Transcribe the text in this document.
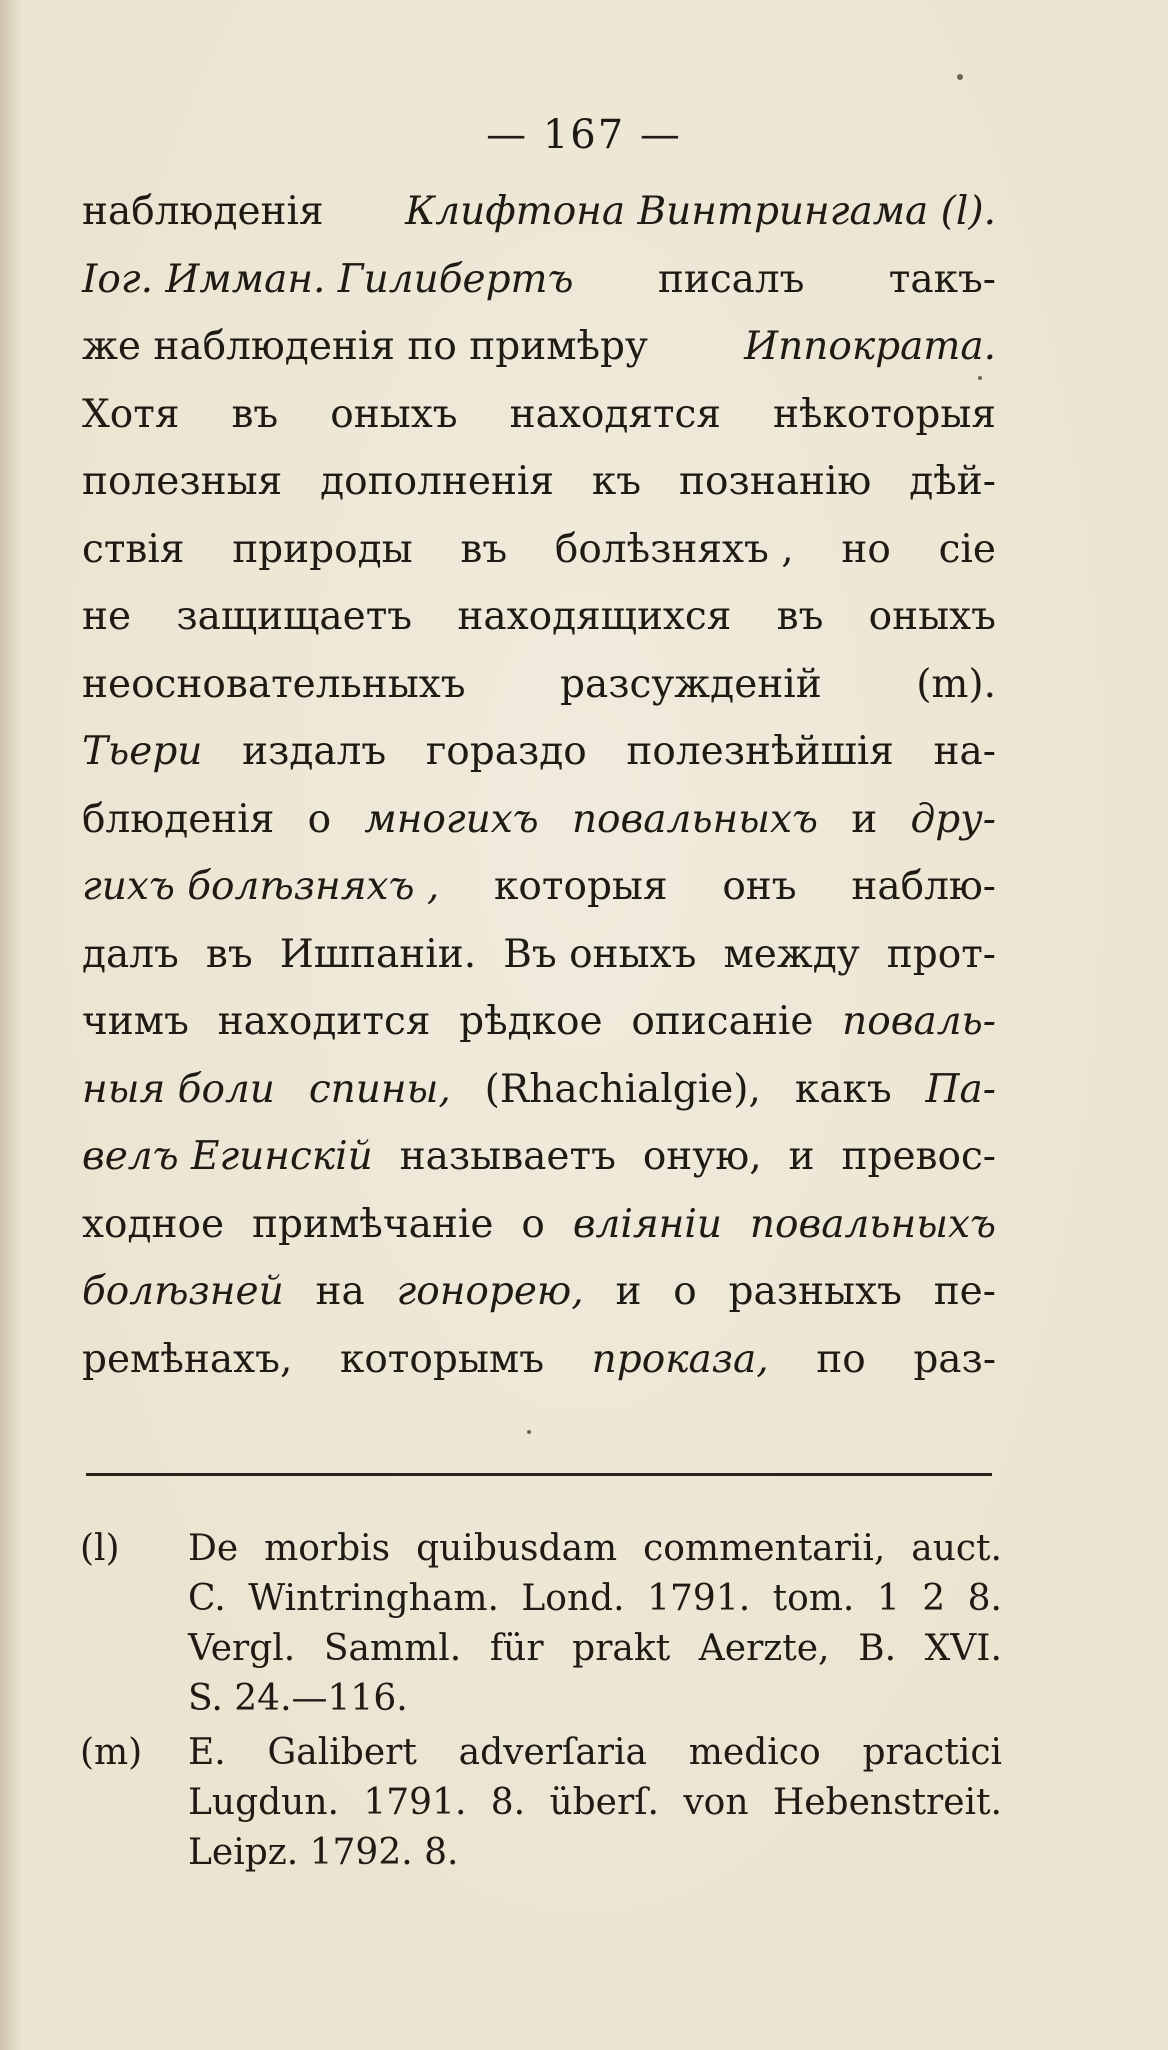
— 167 —
наблюденія Клифтона Винтрингама (l).
Іог. Имман. Гилибертъ писалъ такъ-
же наблюденія по примѣру Иппократа.
Хотя въ оныхъ находятся нѣкоторыя
полезныя дополненія къ познанію дѣй-
ствія природы въ болѣзняхъ , но сіе
не защищаетъ находящихся въ оныхъ
неосновательныхъ разсужденій (m).
Тьери издалъ гораздо полезнѣйшія на-
блюденія о многихъ повальныхъ и дру-
гихъ болѣзняхъ , которыя онъ наблю-
далъ въ Ишпаніи. Въ оныхъ между прот-
чимъ находится рѣдкое описаніе поваль-
ныя боли спины, (Rhachialgie), какъ Па-
велъ Егинскій называетъ оную, и превос-
ходное примѣчаніе о вліяніи повальныхъ
болѣзней на гонорею, и о разныхъ пе-
ремѣнахъ, которымъ проказа, по раз-
(l) De morbis quibusdam commentarii, auct.
C. Wintringham. Lond. 1791. tom. 1 2 8.
Vergl. Samml. für prakt Aerzte, B. XVI.
S. 24.—116.
(m) E. Galibert adverſaria medico practici
Lugdun. 1791. 8. überſ. von Hebenstreit.
Leipz. 1792. 8.
